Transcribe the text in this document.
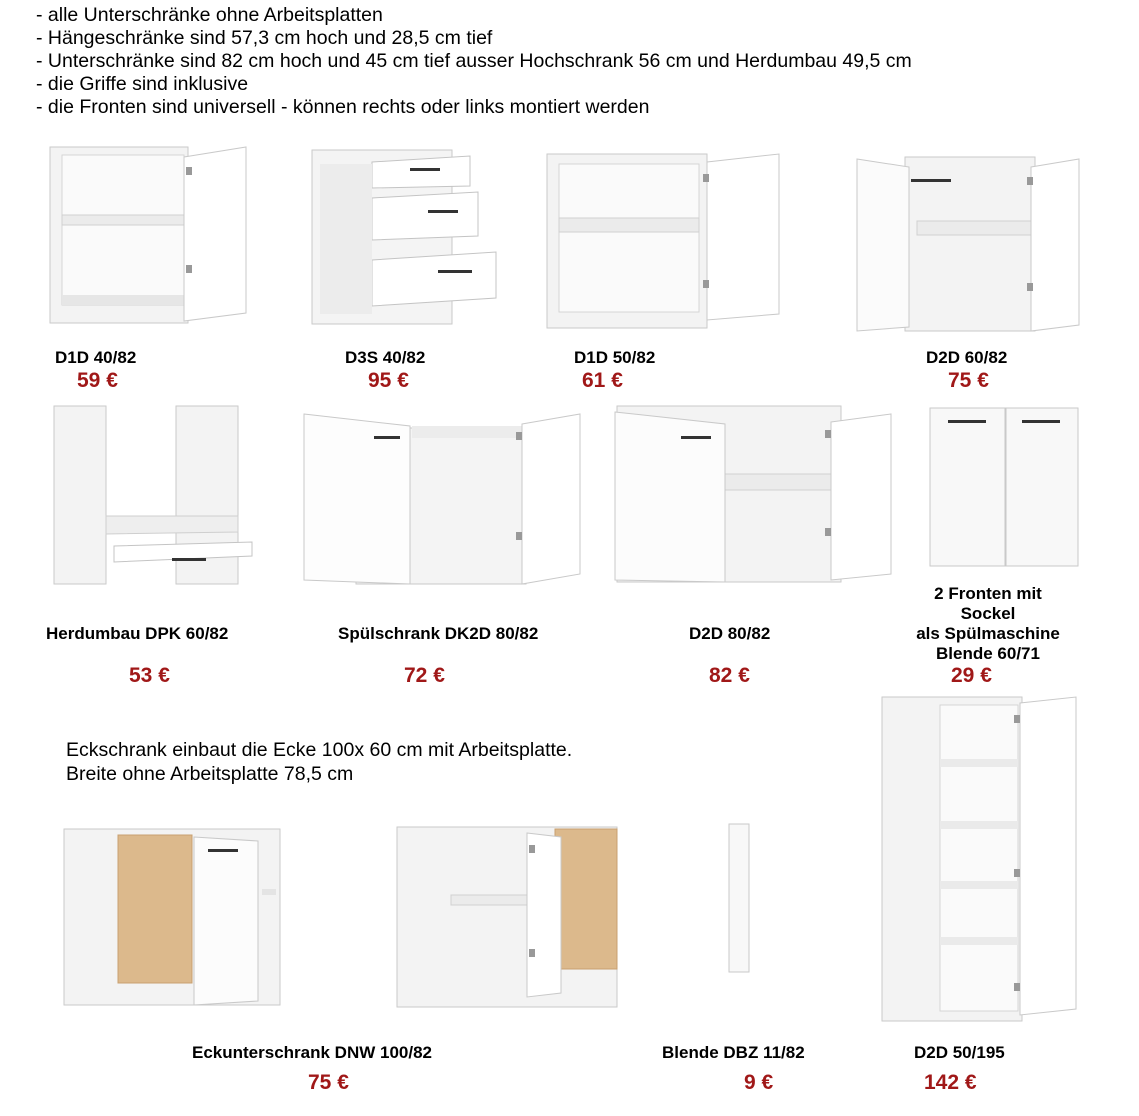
- alle Unterschränke ohne Arbeitsplatten
- Hängeschränke sind 57,3 cm hoch und 28,5 cm tief
- Unterschränke sind 82 cm hoch und 45 cm tief ausser Hochschrank 56 cm und Herdumbau 49,5 cm
- die Griffe sind inklusive
- die Fronten sind universell - können rechts oder links montiert werden
D1D 40/82
59 €
D3S 40/82
95 €
D1D 50/82
61 €
D2D 60/82
75 €
Herdumbau DPK 60/82
53 €
Spülschrank DK2D 80/82
72 €
D2D 80/82
82 €
2 Fronten mit
Sockel
als Spülmaschine
Blende 60/71
29 €
Eckschrank einbaut die Ecke 100x 60 cm mit Arbeitsplatte.
Breite ohne Arbeitsplatte 78,5 cm
Eckunterschrank DNW 100/82
75 €
Blende DBZ 11/82
9 €
D2D 50/195
142 €
